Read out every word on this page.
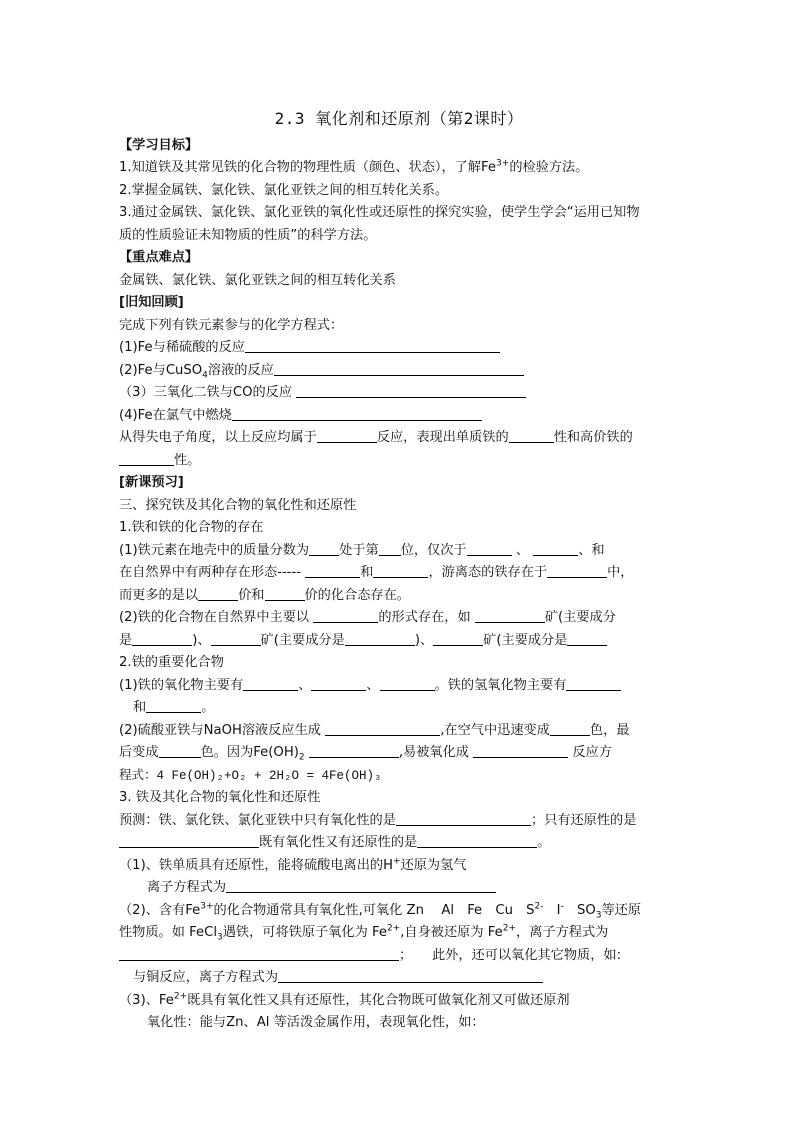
2.3 氧化剂和还原剂（第2课时）
【学习目标】
1.知道铁及其常见铁的化合物的物理性质（颜色、状态），了解$Fe^{3+}$的检验方法。
2.掌握金属铁、氯化铁、氯化亚铁之间的相互转化关系。
3.通过金属铁、氯化铁、氯化亚铁的氧化性或还原性的探究实验，使学生学会“运用已知物
质的性质验证未知物质的性质”的科学方法。
【重点难点】
金属铁、氯化铁、氯化亚铁之间的相互转化关系
[旧知回顾]
完成下列有铁元素参与的化学方程式：
(1)Fe与稀硫酸的反应
(2)Fe与CuSO$_4$溶液的反应
（3）三氧化二铁与CO的反应
(4)Fe在氯气中燃烧
从得失电子角度，以上反应均属于	反应，表现出单质铁的	性和高价铁的
性。
[新课预习]
三、探究铁及其化合物的氧化性和还原性
1.铁和铁的化合物的存在
(1)铁元素在地壳中的质量分数为 处于第 位，仅次于	、	、和
在自然界中有两种存在形态-----	和	，游离态的铁存在于	中，
而更多的是以	价和	价的化合态存在。
(2)铁的化合物在自然界中主要以	的形式存在，如	矿(主要成分
是	)、	矿(主要成分是	)、	矿(主要成分是
2.铁的重要化合物
(1)铁的氧化物主要有	、	、	。铁的氢氧化物主要有
和	。
(2)硫酸亚铁与NaOH溶液反应生成	,在空气中迅速变成	色，最
后变成	色。因为$Fe(OH)_2$	,易被氧化成	反应方
程式：4 Fe(OH)₂+O₂ + 2H₂O = 4Fe(OH)₃
3. 铁及其化合物的氧化性和还原性
预测：铁、氯化铁、氯化亚铁中只有氧化性的是	；只有还原性的是
既有氧化性又有还原性的是	。
（1)、铁单质具有还原性，能将硫酸电离出的H+还原为氢气
离子方程式为
（2)、含有$Fe^{3+}$的化合物通常具有氧化性,可氧化 Zn　 Al　Fe　Cu　$S^{2-}$　I-　$SO_3$等还原
性物质。如 FeCl$_3$遇铁，可将铁原子氧化为 $Fe^{2+}$,自身被还原为 $Fe^{2+}$，离子方程式为
；　　此外，还可以氧化其它物质，如:
与铜反应，离子方程式为
（3)、$Fe^{2+}$既具有氧化性又具有还原性，其化合物既可做氧化剂又可做还原剂
氧化性：能与Zn、Al 等活泼金属作用，表现氧化性，如：
